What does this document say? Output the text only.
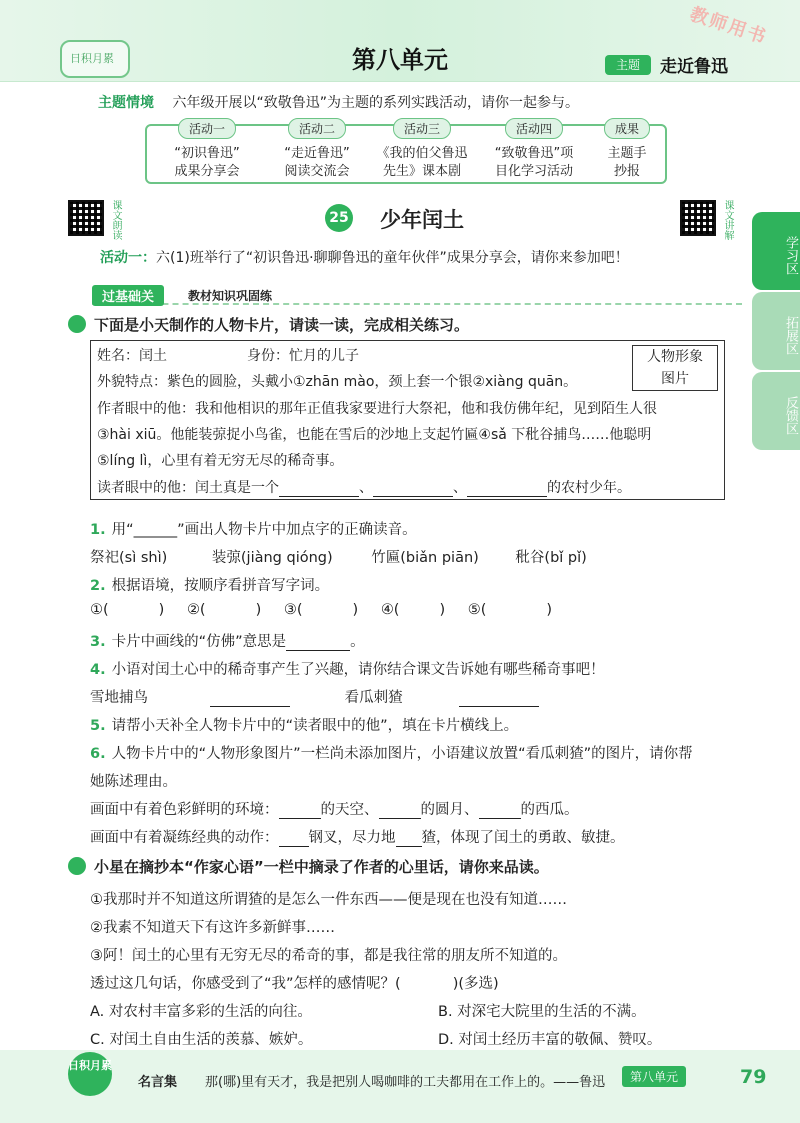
日积月累	第八单元	主题	走近鲁迅
教师用书
主题情境 六年级开展以“致敬鲁迅”为主题的系列实践活动，请你一起参与。
活动一
“初识鲁迅”
成果分享会
活动二
“走近鲁迅”
阅读交流会
活动三
《我的伯父鲁迅
先生》课本剧
活动四
“致敬鲁迅”项
目化学习活动
成果
主题手
抄报
课文朗读	25 少年闰土	课文讲解
学习区
拓展区
反馈区
活动一：六(1)班举行了“初识鲁迅·聊聊鲁迅的童年伙伴”成果分享会，请你来参加吧！
过基础关	教材知识巩固练
下面是小天制作的人物卡片，请读一读，完成相关练习。
姓名：闰土	身份：忙月的儿子	人物形象
图片
外貌特点：紫色的圆脸，头戴小①zhān mào，颈上套一个银②xiàng quān。
作者眼中的他：我和他相识的那年正值我家要进行大祭祀，他和我仿佛年纪，见到陌生人很
③hài xiū。他能装弶捉小鸟雀，也能在雪后的沙地上支起竹匾④sǎ 下秕谷捕鸟……他聪明
⑤líng lì，心里有着无穷无尽的稀奇事。
读者眼中的他：闰土真是一个	、	、	的农村少年。
1. 用“______”画出人物卡片中加点字的正确读音。
祭祀(sì shì)	装弶(jiàng qióng)	竹匾(biǎn piān)	秕谷(bǐ pǐ)
2. 根据语境，按顺序看拼音写字词。
①(	) ②(	) ③(	) ④(	) ⑤(	)
3. 卡片中画线的“仿佛”意思是	。
4. 小语对闰土心中的稀奇事产生了兴趣，请你结合课文告诉她有哪些稀奇事吧！
雪地捕鸟	看瓜刺猹
5. 请帮小天补全人物卡片中的“读者眼中的他”，填在卡片横线上。
6. 人物卡片中的“人物形象图片”一栏尚未添加图片，小语建议放置“看瓜刺猹”的图片，请你帮
她陈述理由。
画面中有着色彩鲜明的环境：	的天空、	的圆月、	的西瓜。
画面中有着凝练经典的动作： 钢叉，尽力地 猹，体现了闰土的勇敢、敏捷。
小星在摘抄本“作家心语”一栏中摘录了作者的心里话，请你来品读。
①我那时并不知道这所谓猹的是怎么一件东西——便是现在也没有知道……
②我素不知道天下有这许多新鲜事……
③阿！闰土的心里有无穷无尽的希奇的事，都是我往常的朋友所不知道的。
透过这几句话，你感受到了“我”怎样的感情呢？(	)(多选)
A. 对农村丰富多彩的生活的向往。	B. 对深宅大院里的生活的不满。
C. 对闰土自由生活的羡慕、嫉妒。	D. 对闰土经历丰富的敬佩、赞叹。
日积月累
名言集 那(哪)里有天才，我是把别人喝咖啡的工夫都用在工作上的。——鲁迅	第八单元	79
